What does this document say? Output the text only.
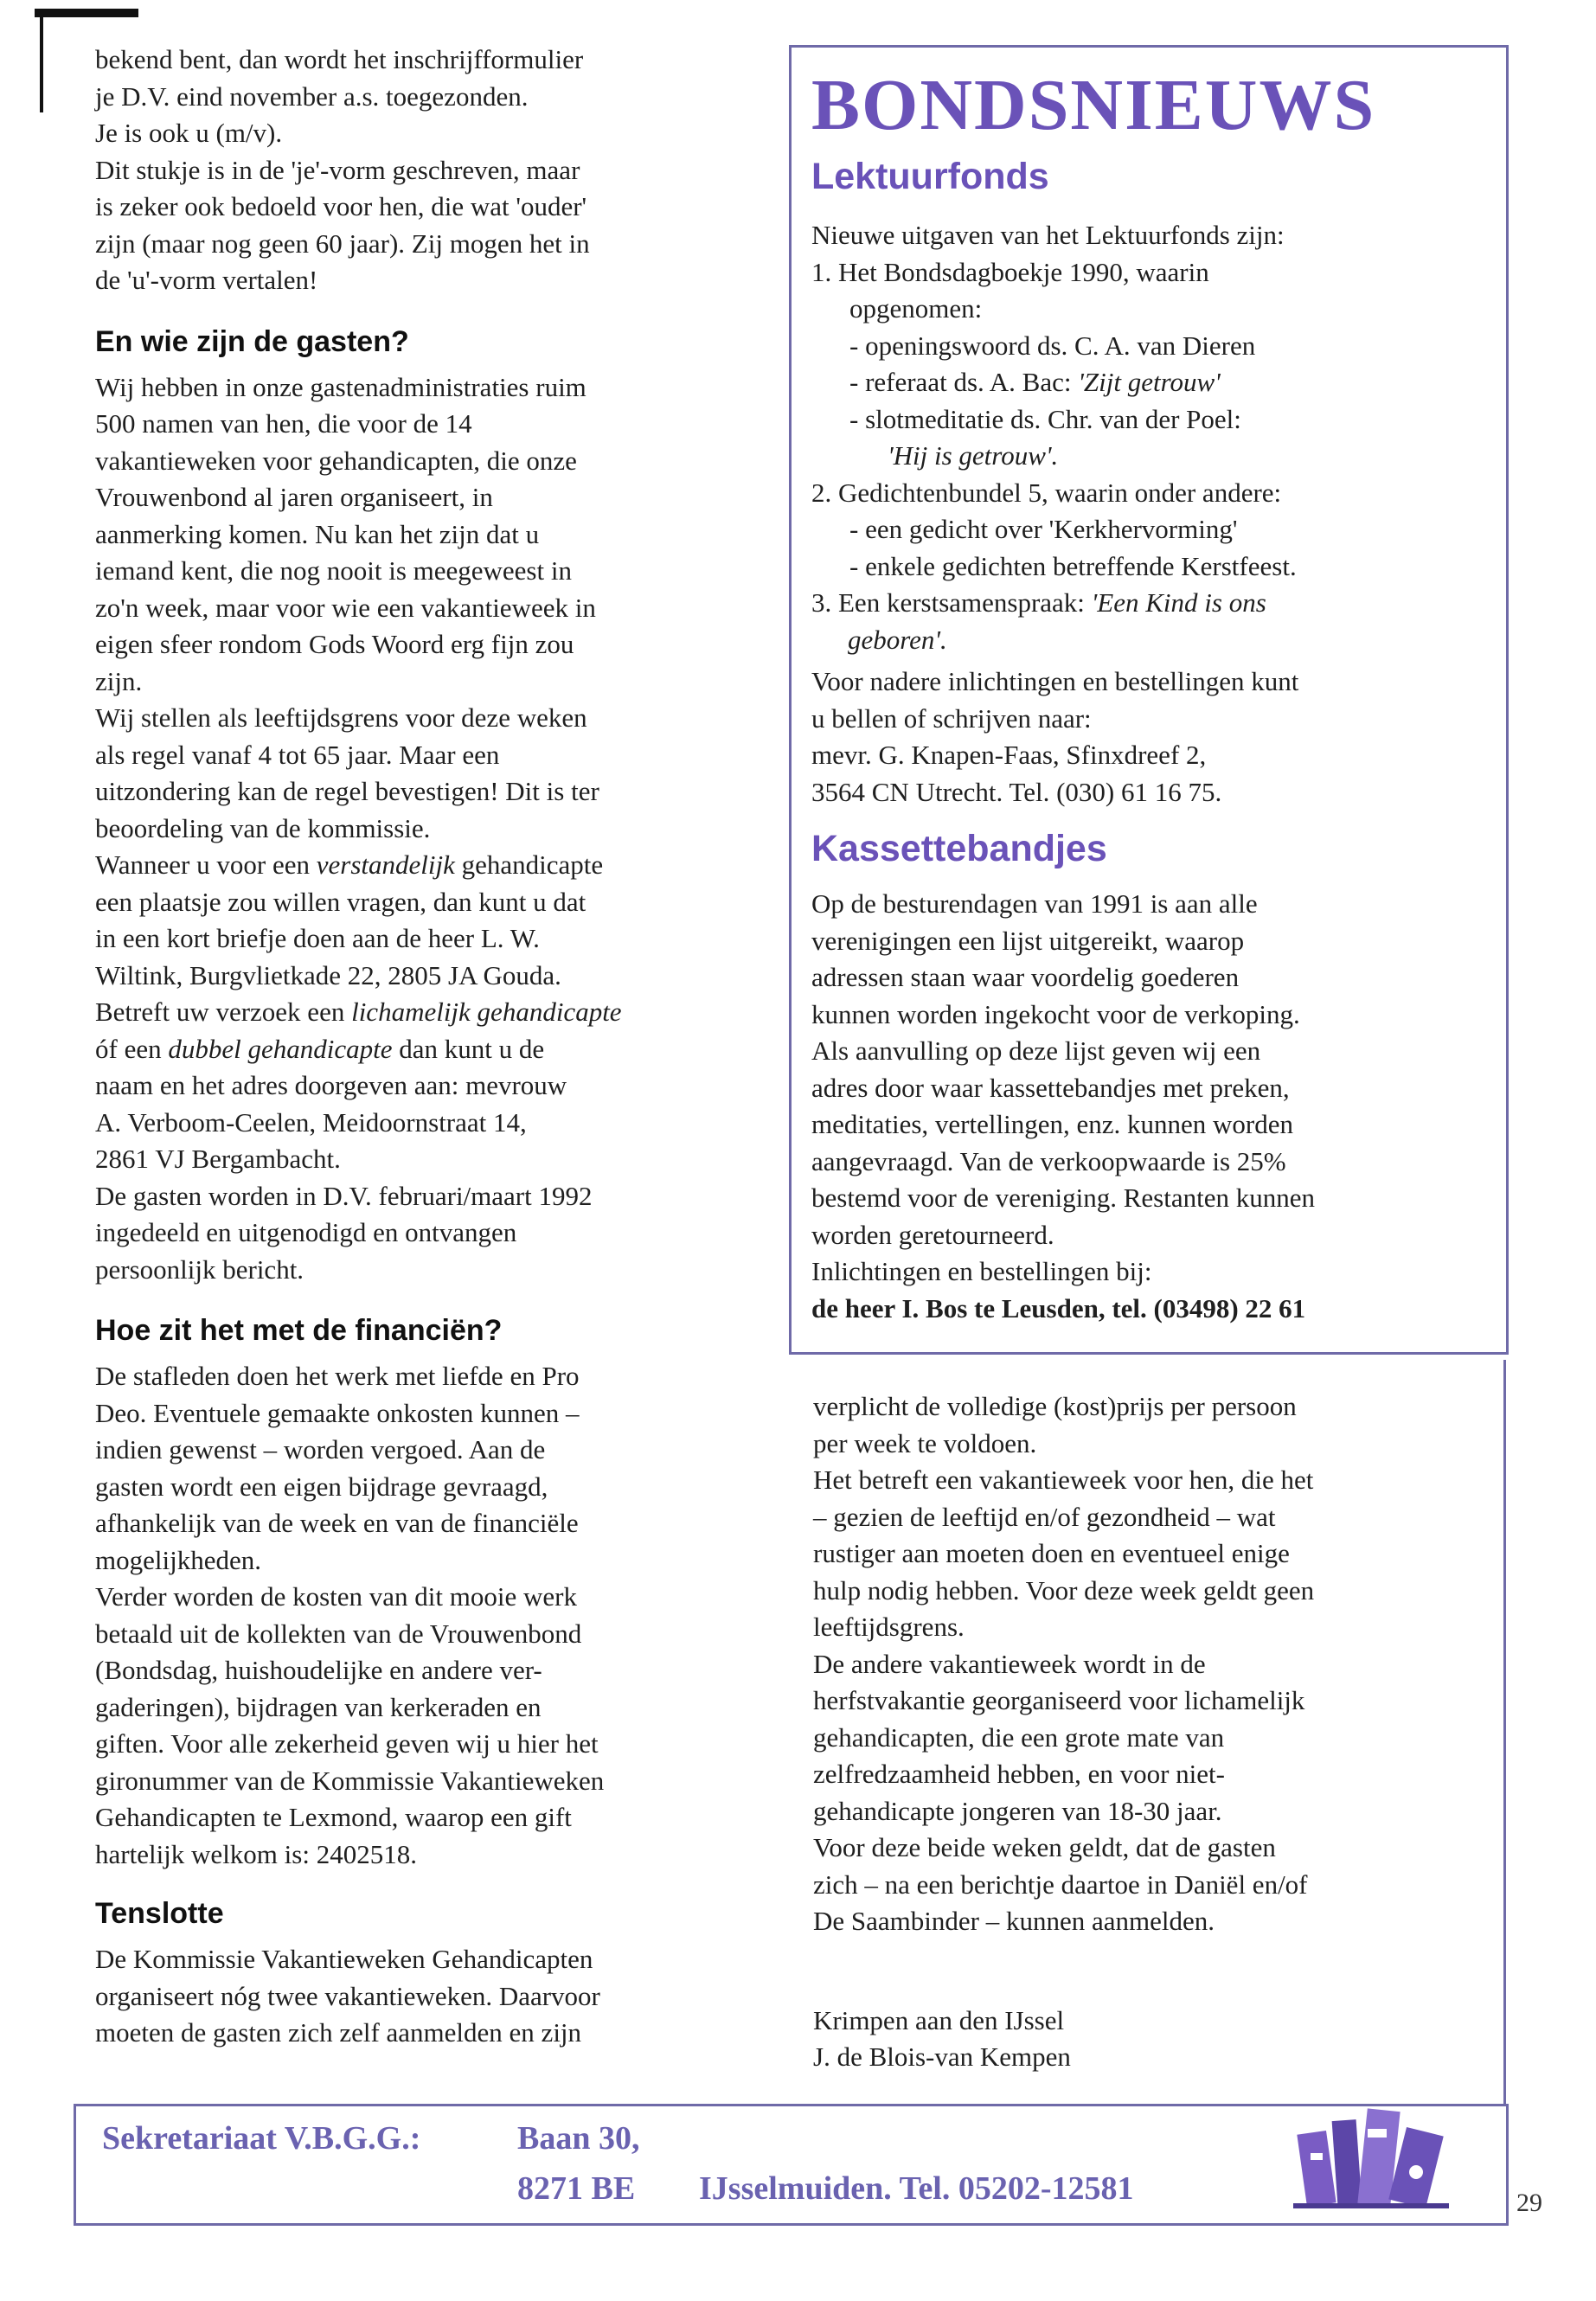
bekend bent, dan wordt het inschrijfformulier

je D.V. eind november a.s. toegezonden.

Je is ook u (m/v).

Dit stukje is in de 'je'-vorm geschreven, maar

is zeker ook bedoeld voor hen, die wat 'ouder'

zijn (maar nog geen 60 jaar). Zij mogen het in

de 'u'-vorm vertalen!

En wie zijn de gasten?

Wij hebben in onze gastenadministraties ruim

500 namen van hen, die voor de 14

vakantieweken voor gehandicapten, die onze

Vrouwenbond al jaren organiseert, in

aanmerking komen. Nu kan het zijn dat u

iemand kent, die nog nooit is meegeweest in

zo'n week, maar voor wie een vakantieweek in

eigen sfeer rondom Gods Woord erg fijn zou

zijn.

Wij stellen als leeftijdsgrens voor deze weken

als regel vanaf 4 tot 65 jaar. Maar een

uitzondering kan de regel bevestigen! Dit is ter

beoordeling van de kommissie.

Wanneer u voor een verstandelijk gehandicapte

een plaatsje zou willen vragen, dan kunt u dat

in een kort briefje doen aan de heer L. W.

Wiltink, Burgvlietkade 22, 2805 JA Gouda.

Betreft uw verzoek een lichamelijk gehandicapte

óf een dubbel gehandicapte dan kunt u de

naam en het adres doorgeven aan: mevrouw

A. Verboom-Ceelen, Meidoornstraat 14,

2861 VJ Bergambacht.

De gasten worden in D.V. februari/maart 1992

ingedeeld en uitgenodigd en ontvangen

persoonlijk bericht.

Hoe zit het met de financiën?

De stafleden doen het werk met liefde en Pro

Deo. Eventuele gemaakte onkosten kunnen –

indien gewenst – worden vergoed. Aan de

gasten wordt een eigen bijdrage gevraagd,

afhankelijk van de week en van de financiële

mogelijkheden.

Verder worden de kosten van dit mooie werk

betaald uit de kollekten van de Vrouwenbond

(Bondsdag, huishoudelijke en andere ver-

gaderingen), bijdragen van kerkeraden en

giften. Voor alle zekerheid geven wij u hier het

gironummer van de Kommissie Vakantieweken

Gehandicapten te Lexmond, waarop een gift

hartelijk welkom is: 2402518.

Tenslotte

De Kommissie Vakantieweken Gehandicapten

organiseert nóg twee vakantieweken. Daarvoor

moeten de gasten zich zelf aanmelden en zijn

BONDSNIEUWS
Lektuurfonds

Nieuwe uitgaven van het Lektuurfonds zijn:

1. Het Bondsdagboekje 1990, waarin

opgenomen:

- openingswoord ds. C. A. van Dieren

- referaat ds. A. Bac: 'Zijt getrouw'

- slotmeditatie ds. Chr. van der Poel:

'Hij is getrouw'.

2. Gedichtenbundel 5, waarin onder andere:

- een gedicht over 'Kerkhervorming'

- enkele gedichten betreffende Kerstfeest.

3. Een kerstsamenspraak: 'Een Kind is ons

geboren'.

Voor nadere inlichtingen en bestellingen kunt

u bellen of schrijven naar:

mevr. G. Knapen-Faas, Sfinxdreef 2,

3564 CN Utrecht. Tel. (030) 61 16 75.

Kassettebandjes

Op de besturendagen van 1991 is aan alle

verenigingen een lijst uitgereikt, waarop

adressen staan waar voordelig goederen

kunnen worden ingekocht voor de verkoping.

Als aanvulling op deze lijst geven wij een

adres door waar kassettebandjes met preken,

meditaties, vertellingen, enz. kunnen worden

aangevraagd. Van de verkoopwaarde is 25%

bestemd voor de vereniging. Restanten kunnen

worden geretourneerd.

Inlichtingen en bestellingen bij:

de heer I. Bos te Leusden, tel. (03498) 22 61

verplicht de volledige (kost)prijs per persoon

per week te voldoen.

Het betreft een vakantieweek voor hen, die het

– gezien de leeftijd en/of gezondheid – wat

rustiger aan moeten doen en eventueel enige

hulp nodig hebben. Voor deze week geldt geen

leeftijdsgrens.

De andere vakantieweek wordt in de

herfstvakantie georganiseerd voor lichamelijk

gehandicapten, die een grote mate van

zelfredzaamheid hebben, en voor niet-

gehandicapte jongeren van 18-30 jaar.

Voor deze beide weken geldt, dat de gasten

zich – na een berichtje daartoe in Daniël en/of

De Saambinder – kunnen aanmelden.

Krimpen aan den IJssel

J. de Blois-van Kempen

Sekretariaat V.B.G.G.:	Baan 30,
8271 BE IJsselmuiden. Tel. 05202-12581	29
